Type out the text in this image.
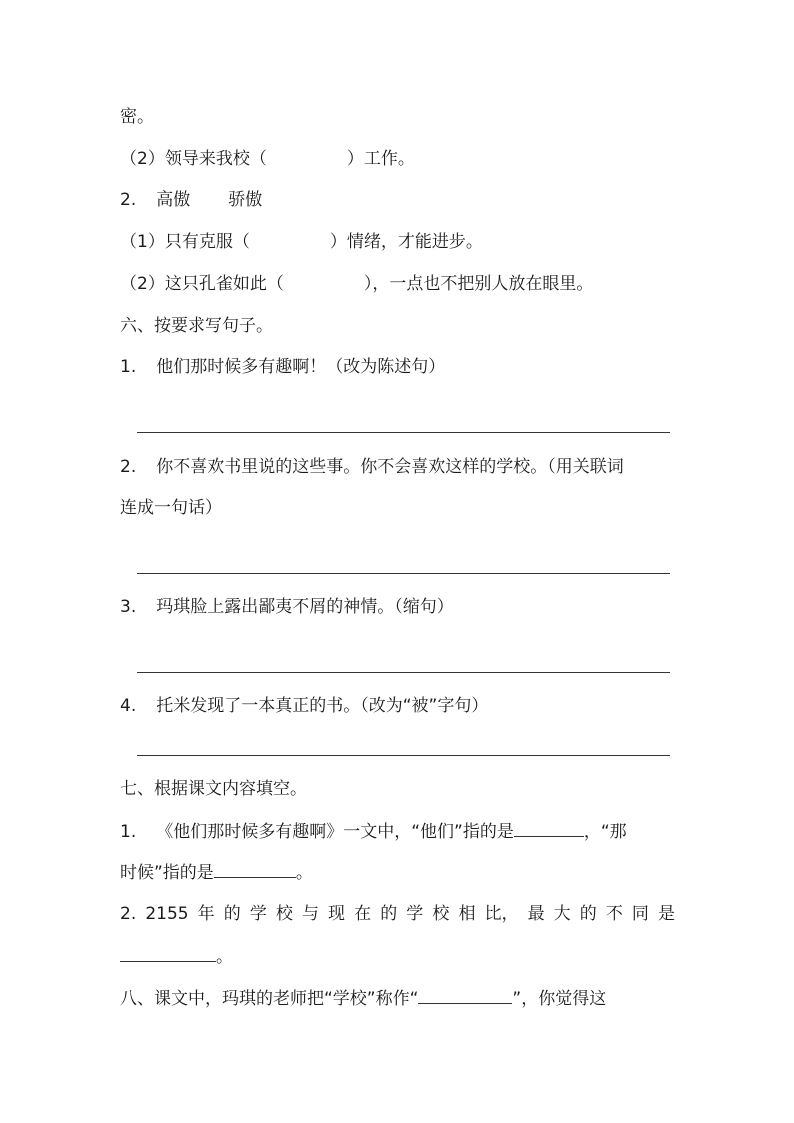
密。
（2）领导来我校（	）工作。
2. 高傲 骄傲
（1）只有克服（	）情绪，才能进步。
（2）这只孔雀如此（	），一点也不把别人放在眼里。
六、按要求写句子。
1. 他们那时候多有趣啊！（改为陈述句）
2. 你不喜欢书里说的这些事。你不会喜欢这样的学校。（用关联词
连成一句话）
3. 玛琪脸上露出鄙夷不屑的神情。（缩句）
4. 托米发现了一本真正的书。（改为“被”字句）
七、根据课文内容填空。
1. 《他们那时候多有趣啊》一文中，“他们”指的是	，“那
时候”指的是	。
2. 2155 年 的 学 校 与 现 在 的 学 校 相 比， 最 大 的 不 同 是
。
八、课文中，玛琪的老师把“学校”称作“	”，你觉得这
